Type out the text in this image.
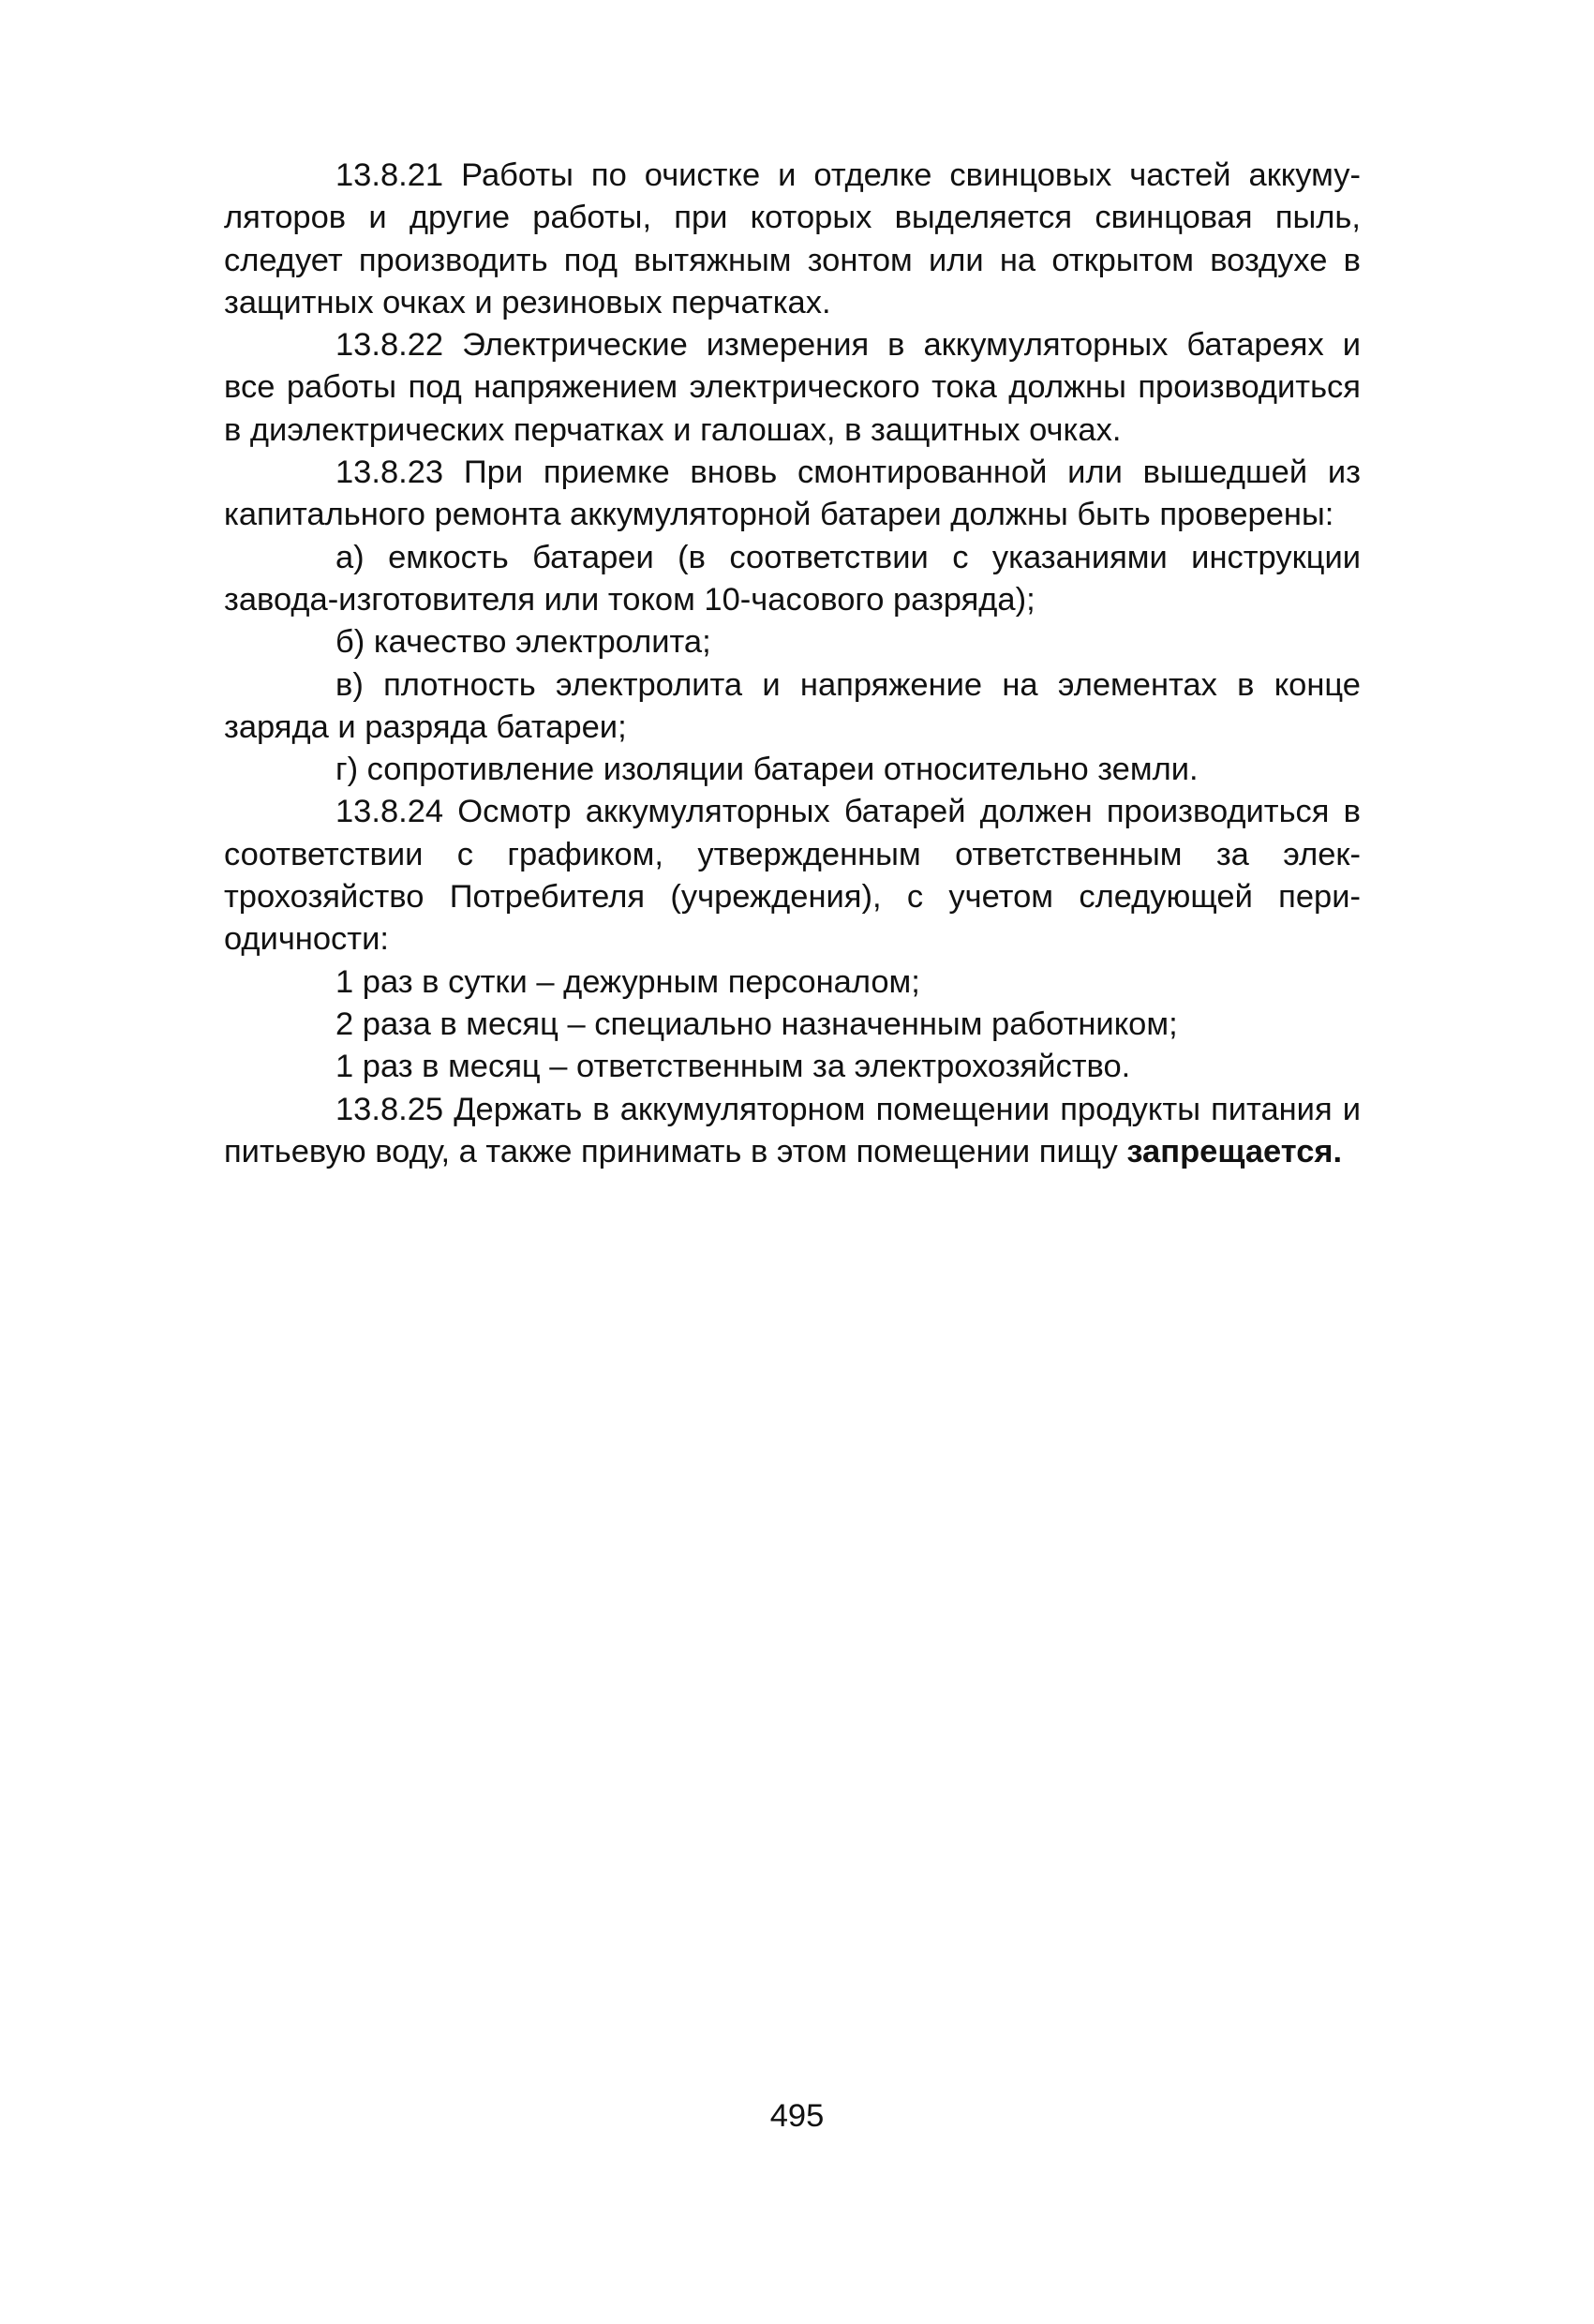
13.8.21 Работы по очистке и отделке свинцовых частей аккумуляторов и другие работы, при которых выделяется свинцовая пыль, следует производить под вытяжным зонтом или на открытом воздухе в защитных очках и резиновых перчатках.

13.8.22 Электрические измерения в аккумуляторных батареях и все работы под напряжением электрического тока должны производиться в диэлектрических перчатках и галошах, в защитных очках.

13.8.23 При приемке вновь смонтированной или вышедшей из капитального ремонта аккумуляторной батареи должны быть проверены:

а) емкость батареи (в соответствии с указаниями инструкции завода-изготовителя или током 10-часового разряда);

б) качество электролита;

в) плотность электролита и напряжение на элементах в конце заряда и разряда батареи;

г) сопротивление изоляции батареи относительно земли.

13.8.24 Осмотр аккумуляторных батарей должен производиться в соответствии с графиком, утвержденным ответственным за электрохозяйство Потребителя (учреждения), с учетом следующей периодичности:

1 раз в сутки – дежурным персоналом;

2 раза в месяц – специально назначенным работником;

1 раз в месяц – ответственным за электрохозяйство.

13.8.25 Держать в аккумуляторном помещении продукты питания и питьевую воду, а также принимать в этом помещении пищу запрещается.

495
